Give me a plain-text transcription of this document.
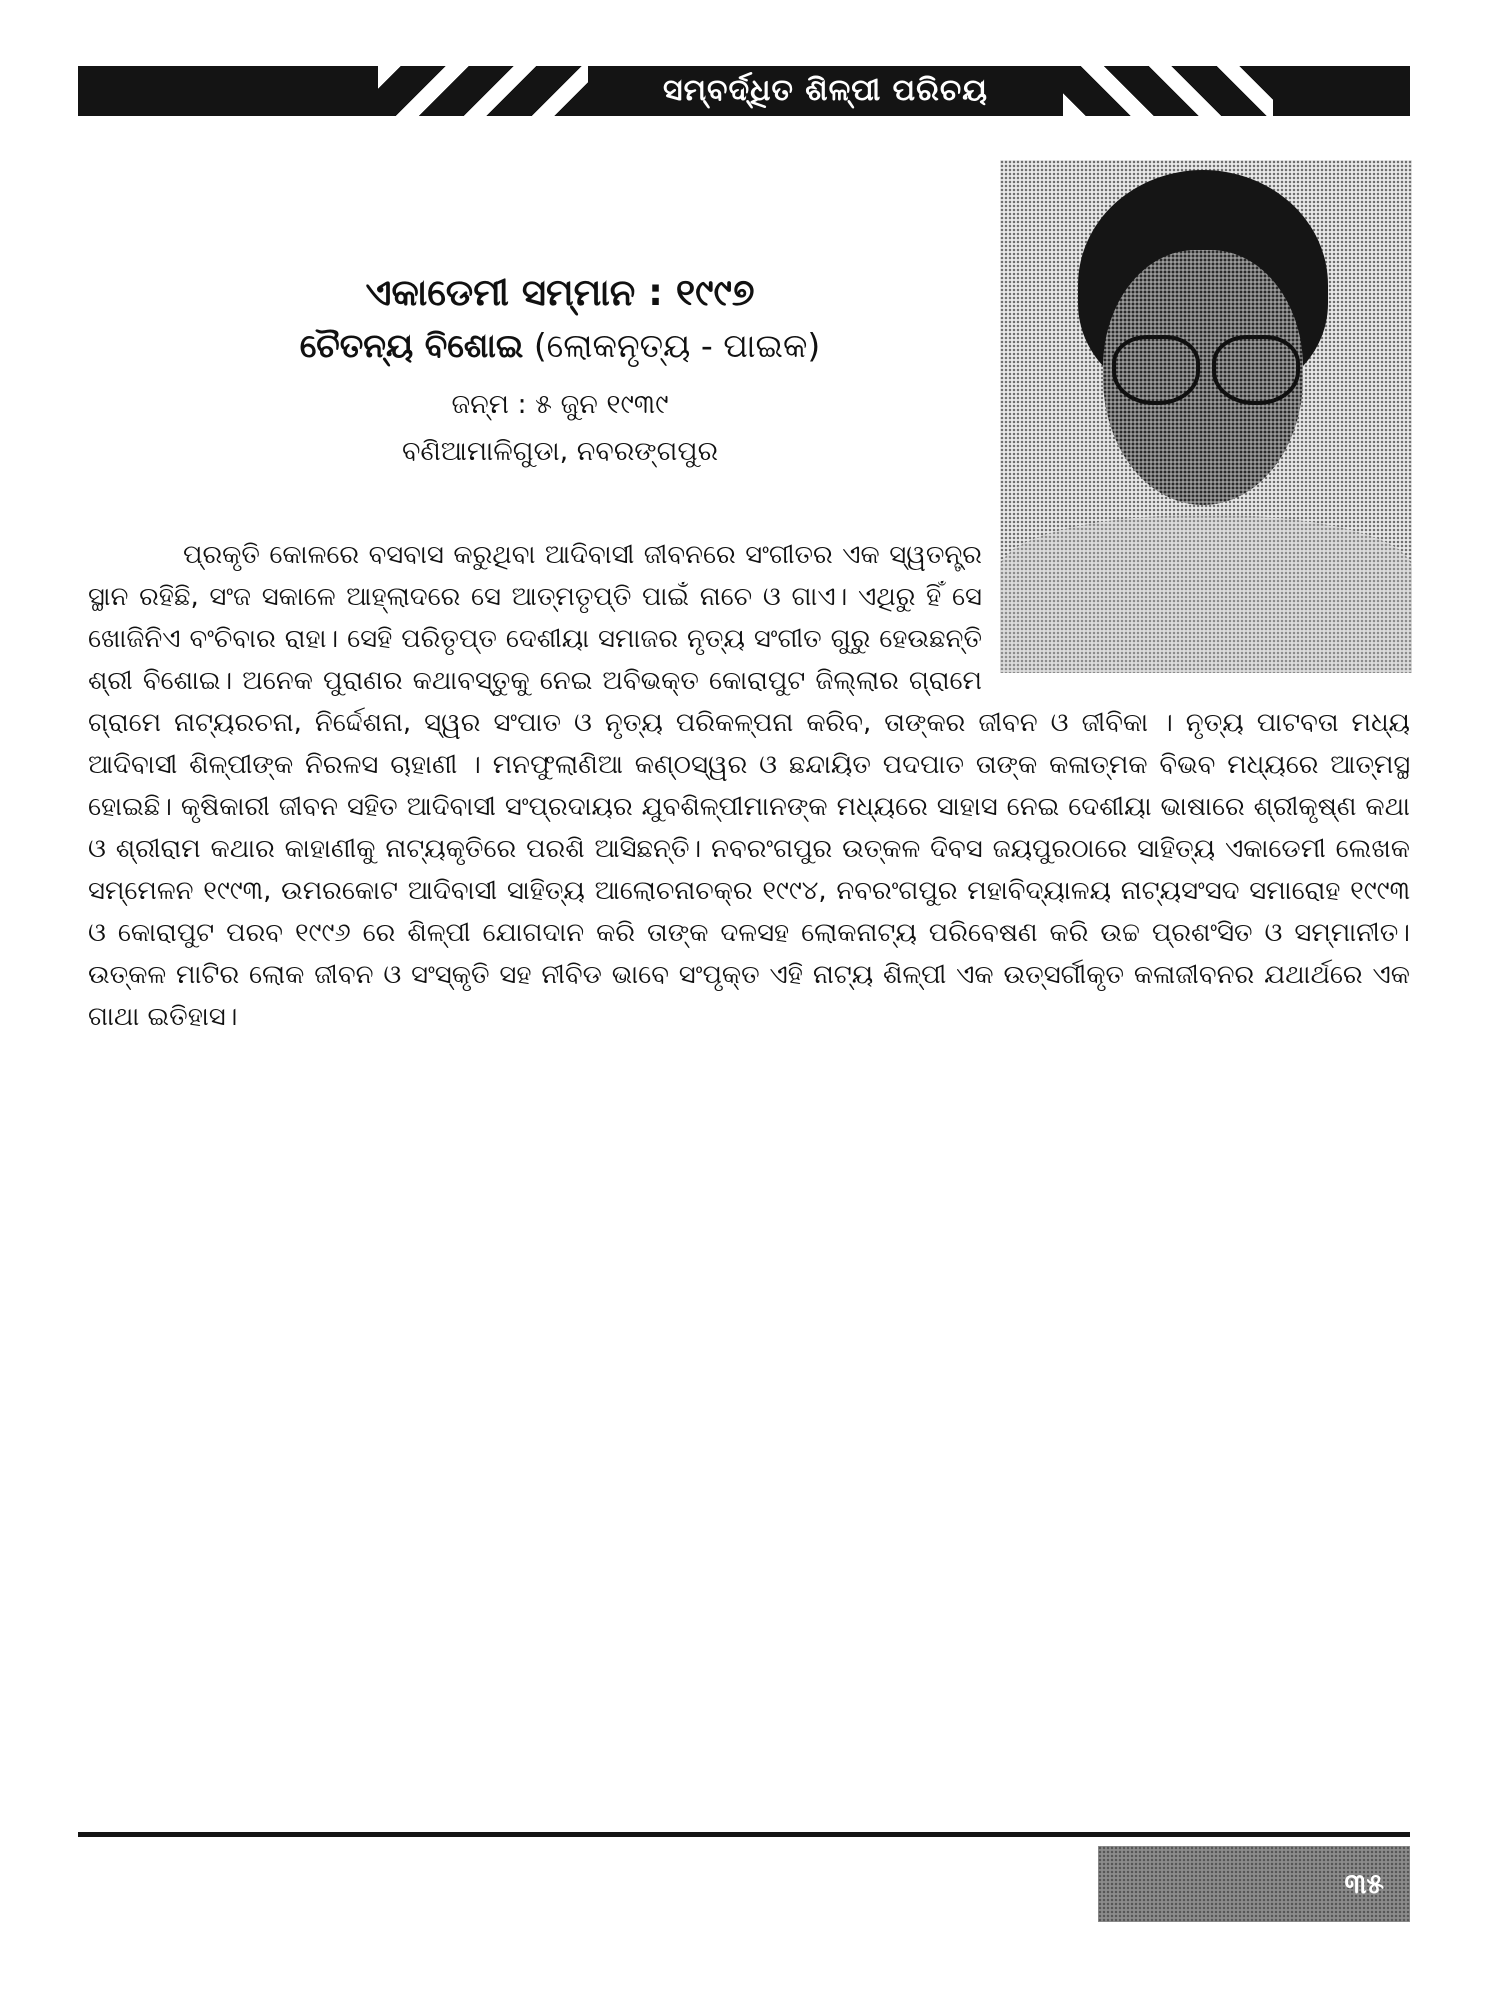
ସମ୍ବର୍ଦ୍ଧିତ ଶିଳ୍ପୀ ପରିଚୟ
ଏକାଡେମୀ ସମ୍ମାନ : ୧୯୯୭
ଚୈତନ୍ୟ ବିଶୋଇ (ଲୋକନୃତ୍ୟ - ପାଇକ)
ଜନ୍ମ : ୫ ଜୁନ ୧୯୩୯
ବଣିଆମାଳିଗୁଡା, ନବରଙ୍ଗପୁର
ପ୍ରକୃତି କୋଳରେ ବସବାସ କରୁଥିବା ଆଦିବାସୀ ଜୀବନରେ ସଂଗୀତର ଏକ ସ୍ୱତନ୍ତ୍ର ସ୍ଥାନ ରହିଛି, ସଂଜ ସକାଳେ ଆହ୍ଲାଦରେ ସେ ଆତ୍ମତୃପ୍ତି ପାଇଁ ନାଚେ ଓ ଗାଏ। ଏଥିରୁ ହିଁ ସେ ଖୋଜିନିଏ ବଂଚିବାର ରାହା। ସେହି ପରିତୃପ୍ତ ଦେଶୀୟା ସମାଜର ନୃତ୍ୟ ସଂଗୀତ ଗୁରୁ ହେଉଛନ୍ତି ଶ୍ରୀ ବିଶୋଇ। ଅନେକ ପୁରାଣର କଥାବସ୍ତୁକୁ ନେଇ ଅବିଭକ୍ତ କୋରାପୁଟ ଜିଲ୍ଲାର ଗ୍ରାମେ ଗ୍ରାମେ ନାଟ୍ୟରଚନା, ନିର୍ଦ୍ଦେଶନା, ସ୍ୱର ସଂପାତ ଓ ନୃତ୍ୟ ପରିକଳ୍ପନା କରିବ, ତାଙ୍କର ଜୀବନ ଓ ଜୀବିକା । ନୃତ୍ୟ ପାଟବତା ମଧ୍ୟ ଆଦିବାସୀ ଶିଳ୍ପୀଙ୍କ ନିରଳସ ଚାହାଣୀ । ମନଫୁଲାଣିଆ କଣ୍ଠସ୍ୱର ଓ ଛନ୍ଦାୟିତ ପଦପାତ ତାଙ୍କ କଳାତ୍ମକ ବିଭବ ମଧ୍ୟରେ ଆତ୍ମସ୍ଥ ହୋଇଛି। କୃଷିକାରୀ ଜୀବନ ସହିତ ଆଦିବାସୀ ସଂପ୍ରଦାୟର ଯୁବଶିଳ୍ପୀମାନଙ୍କ ମଧ୍ୟରେ ସାହାସ ନେଇ ଦେଶୀୟା ଭାଷାରେ ଶ୍ରୀକୃଷ୍ଣ କଥା ଓ ଶ୍ରୀରାମ କଥାର କାହାଣୀକୁ ନାଟ୍ୟକୃତିରେ ପରଶି ଆସିଛନ୍ତି। ନବରଂଗପୁର ଉତ୍କଳ ଦିବସ ଜୟପୁରଠାରେ ସାହିତ୍ୟ ଏକାଡେମୀ ଲେଖକ ସମ୍ମେଳନ ୧୯୯୩, ଉମରକୋଟ ଆଦିବାସୀ ସାହିତ୍ୟ ଆଲୋଚନାଚକ୍ର ୧୯୯୪, ନବରଂଗପୁର ମହାବିଦ୍ୟାଳୟ ନାଟ୍ୟସଂସଦ ସମାରୋହ ୧୯୯୩ ଓ କୋରାପୁଟ ପରବ ୧୯୯୬ ରେ ଶିଳ୍ପୀ ଯୋଗଦାନ କରି ତାଙ୍କ ଦଳସହ ଲୋକନାଟ୍ୟ ପରିବେଷଣ କରି ଉଚ୍ଚ ପ୍ରଶଂସିତ ଓ ସମ୍ମାନୀତ।ଉତ୍କଳ ମାଟିର ଲୋକ ଜୀବନ ଓ ସଂସ୍କୃତି ସହ ନୀବିଡ ଭାବେ ସଂପୃକ୍ତ ଏହି ନାଟ୍ୟ ଶିଳ୍ପୀ ଏକ ଉତ୍ସର୍ଗୀକୃତ କଳାଜୀବନର ଯଥାର୍ଥରେ ଏକ ଗାଥା ଇତିହାସ।
୩୫
